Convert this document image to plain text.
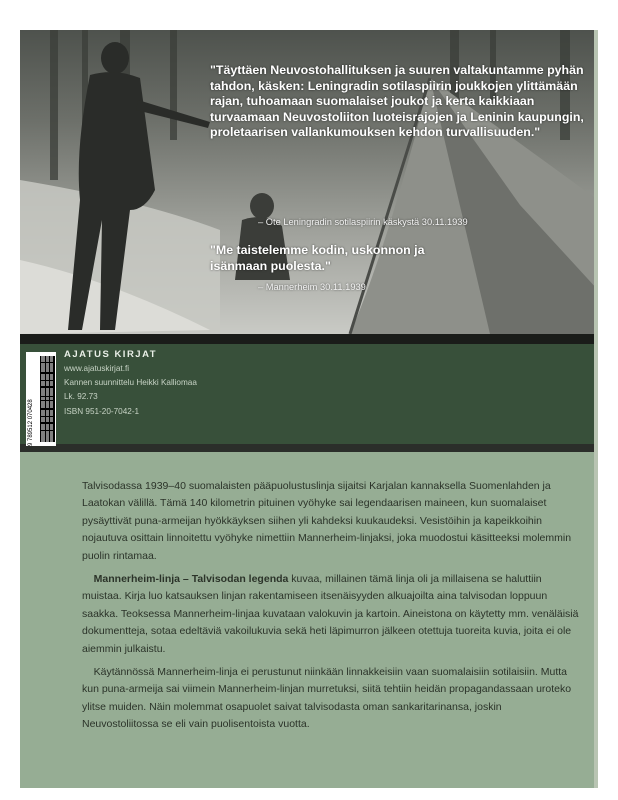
"Täyttäen Neuvostohallituksen ja suuren valtakuntamme pyhän tahdon, käsken: Leningradin sotilaspiirin joukkojen ylittämään rajan, tuhoamaan suomalaiset joukot ja kerta kaikkiaan turvaamaan Neuvostoliiton luoteisrajojen ja Leninin kaupungin, proletaarisen vallankumouksen kehdon turvallisuuden."
– Ote Leningradin sotilaspiirin käskystä 30.11.1939
"Me taistelemme kodin, uskonnon ja isänmaan puolesta."
– Mannerheim 30.11.1939
9 789512 070428
AJATUS KIRJAT
www.ajatuskirjat.fi
Kannen suunnittelu Heikki Kalliomaa
Lk. 92.73
ISBN 951-20-7042-1

Talvisodassa 1939–40 suomalaisten pääpuolustuslinja sijaitsi Karjalan kannaksella Suomenlahden ja Laatokan välillä. Tämä 140 kilometrin pituinen vyöhyke sai legendaarisen maineen, kun suomalaiset pysäyttivät puna-armeijan hyökkäyksen siihen yli kahdeksi kuukaudeksi. Vesistöihin ja kapeikkoihin nojautuva osittain linnoitettu vyöhyke nimettiin Mannerheim-linjaksi, joka muodostui käsitteeksi molemmin puolin rintamaa.

Mannerheim-linja – Talvisodan legenda kuvaa, millainen tämä linja oli ja millaisena se haluttiin muistaa. Kirja luo katsauksen linjan rakentamiseen itsenäisyyden alkuajoilta aina talvisodan loppuun saakka. Teoksessa Mannerheim-linjaa kuvataan valokuvin ja kartoin. Aineistona on käytetty mm. venäläisiä dokumentteja, sotaa edeltäviä vakoilukuvia sekä heti läpimurron jälkeen otettuja tuoreita kuvia, joita ei ole aiemmin julkaistu.

Käytännössä Mannerheim-linja ei perustunut niinkään linnakkeisiin vaan suomalaisiin sotilaisiin. Mutta kun puna-armeija sai viimein Mannerheim-linjan murretuksi, siitä tehtiin heidän propagandassaan uroteko ylitse muiden. Näin molemmat osapuolet saivat talvisodasta oman sankaritarinansa, joskin Neuvostoliitossa se eli vain puolisentoista vuotta.
